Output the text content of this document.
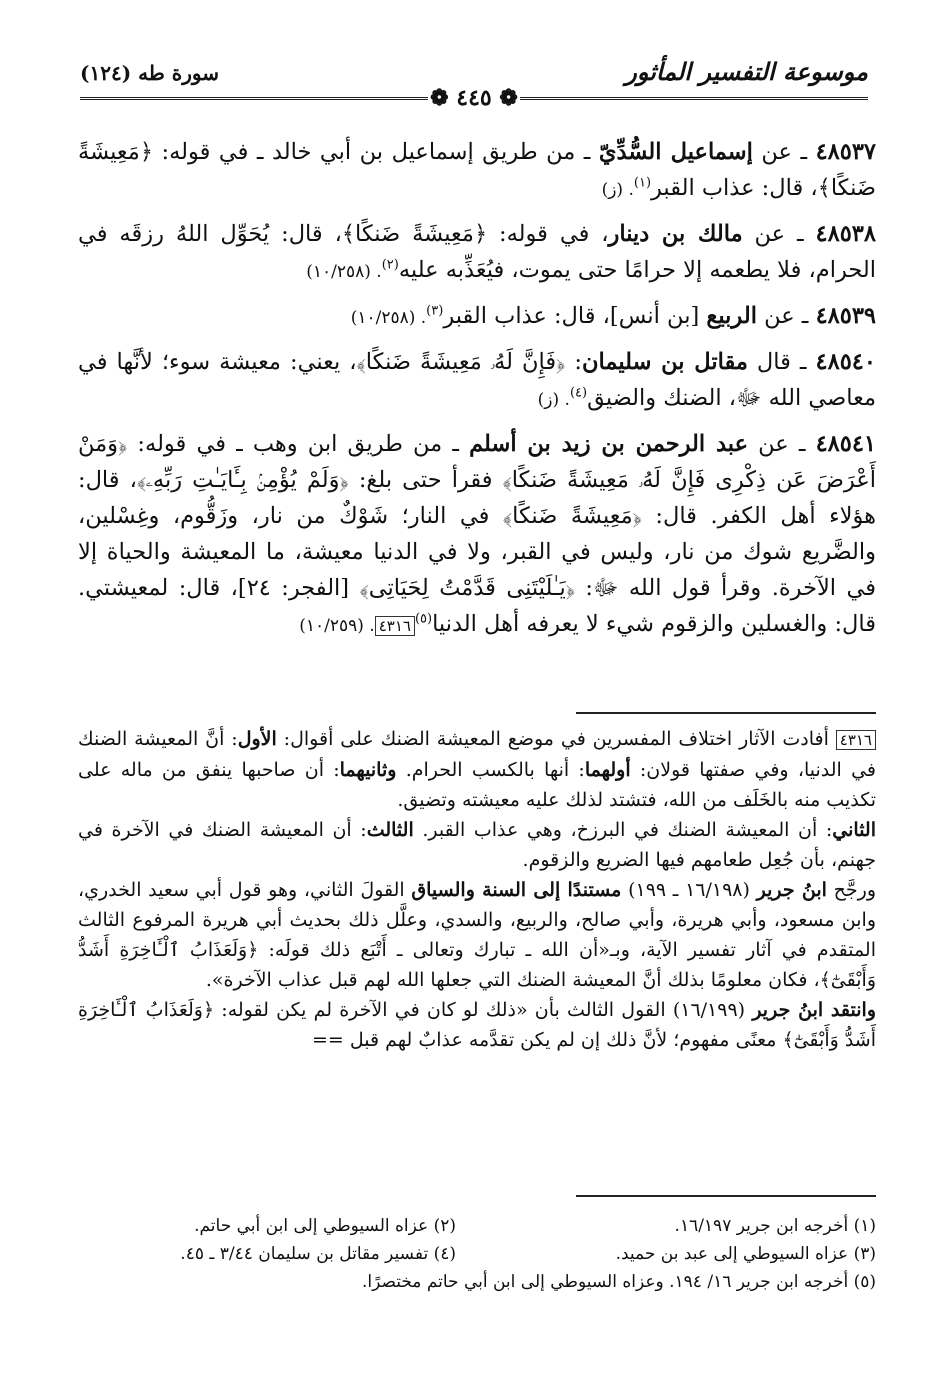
موسوعة التفسير المأثور
سورة طه (١٢٤)
❁ ٤٤٥ ❁

٤٨٥٣٧ ـ عن إسماعيل السُّدِّيّ ـ من طريق إسماعيل بن أبي خالد ـ في قوله: ﴿مَعِيشَةً ضَنكًا﴾، قال: عذاب القبر$^{(١)}$. (ز)

٤٨٥٣٨ ـ عن مالك بن دينار، في قوله: ﴿مَعِيشَةً ضَنكًا﴾، قال: يُحَوِّل اللهُ رزقَه في الحرام، فلا يطعمه إلا حرامًا حتى يموت، فيُعَذِّبه عليه$^{(٢)}$. (١٠/٢٥٨)

٤٨٥٣٩ ـ عن الربيع [بن أنس]، قال: عذاب القبر$^{(٣)}$. (١٠/٢٥٨)

٤٨٥٤٠ ـ قال مقاتل بن سليمان: ﴿فَإِنَّ لَهُۥ مَعِيشَةً ضَنكًا﴾، يعني: معيشة سوء؛ لأنَّها في معاصي الله ﷻ، الضنك والضيق$^{(٤)}$. (ز)

٤٨٥٤١ ـ عن عبد الرحمن بن زيد بن أسلم ـ من طريق ابن وهب ـ في قوله: ﴿وَمَنْ أَعْرَضَ عَن ذِكْرِى فَإِنَّ لَهُۥ مَعِيشَةً ضَنكًا﴾ فقرأ حتى بلغ: ﴿وَلَمْ يُؤْمِنۢ بِـَٔايَـٰتِ رَبِّهِۦ﴾، قال: هؤلاء أهل الكفر. قال: ﴿مَعِيشَةً ضَنكًا﴾ في النار؛ شَوْكٌ من نار، وزَقُّوم، وغِسْلين، والضَّريع شوك من نار، وليس في القبر، ولا في الدنيا معيشة، ما المعيشة والحياة إلا في الآخرة. وقرأ قول الله ﷻ: ﴿يَـٰلَيْتَنِى قَدَّمْتُ لِحَيَاتِى﴾ [الفجر: ٢٤]، قال: لمعيشتي. قال: والغسلين والزقوم شيء لا يعرفه أهل الدنيا$^{(٥)}$٤٣١٦. (١٠/٢٥٩)

٤٣١٦ أفادت الآثار اختلاف المفسرين في موضع المعيشة الضنك على أقوال: الأول: أنَّ المعيشة الضنك في الدنيا، وفي صفتها قولان: أولهما: أنها بالكسب الحرام. وثانيهما: أن صاحبها ينفق من ماله على تكذيب منه بالخَلَف من الله، فتشتد لذلك عليه معيشته وتضيق.

الثاني: أن المعيشة الضنك في البرزخ، وهي عذاب القبر. الثالث: أن المعيشة الضنك في الآخرة في جهنم، بأن جُعِل طعامهم فيها الضريع والزقوم.

ورجَّح ابنُ جرير (١٦/١٩٨ ـ ١٩٩) مستندًا إلى السنة والسياق القولَ الثاني، وهو قول أبي سعيد الخدري، وابن مسعود، وأبي هريرة، وأبي صالح، والربيع، والسدي، وعلَّل ذلك بحديث أبي هريرة المرفوع الثالث المتقدم في آثار تفسير الآية، وبـ«أن الله ـ تبارك وتعالى ـ أَتْبَع ذلك قولَه: ﴿وَلَعَذَابُ ٱلْـَٔاخِرَةِ أَشَدُّ وَأَبْقَىٰٓ﴾، فكان معلومًا بذلك أنَّ المعيشة الضنك التي جعلها الله لهم قبل عذاب الآخرة».

وانتقد ابنُ جرير (١٦/١٩٩) القول الثالث بأن «ذلك لو كان في الآخرة لم يكن لقوله: ﴿وَلَعَذَابُ ٱلْـَٔاخِرَةِ أَشَدُّ وَأَبْقَىٰٓ﴾ معنًى مفهوم؛ لأنَّ ذلك إن لم يكن تقدَّمه عذابٌ لهم قبل ==

(١) أخرجه ابن جرير ١٦/١٩٧.
(٢) عزاه السيوطي إلى ابن أبي حاتم.
(٣) عزاه السيوطي إلى عبد بن حميد.
(٤) تفسير مقاتل بن سليمان ٣/٤٤ ـ ٤٥.
(٥) أخرجه ابن جرير ١٦/ ١٩٤. وعزاه السيوطي إلى ابن أبي حاتم مختصرًا.
